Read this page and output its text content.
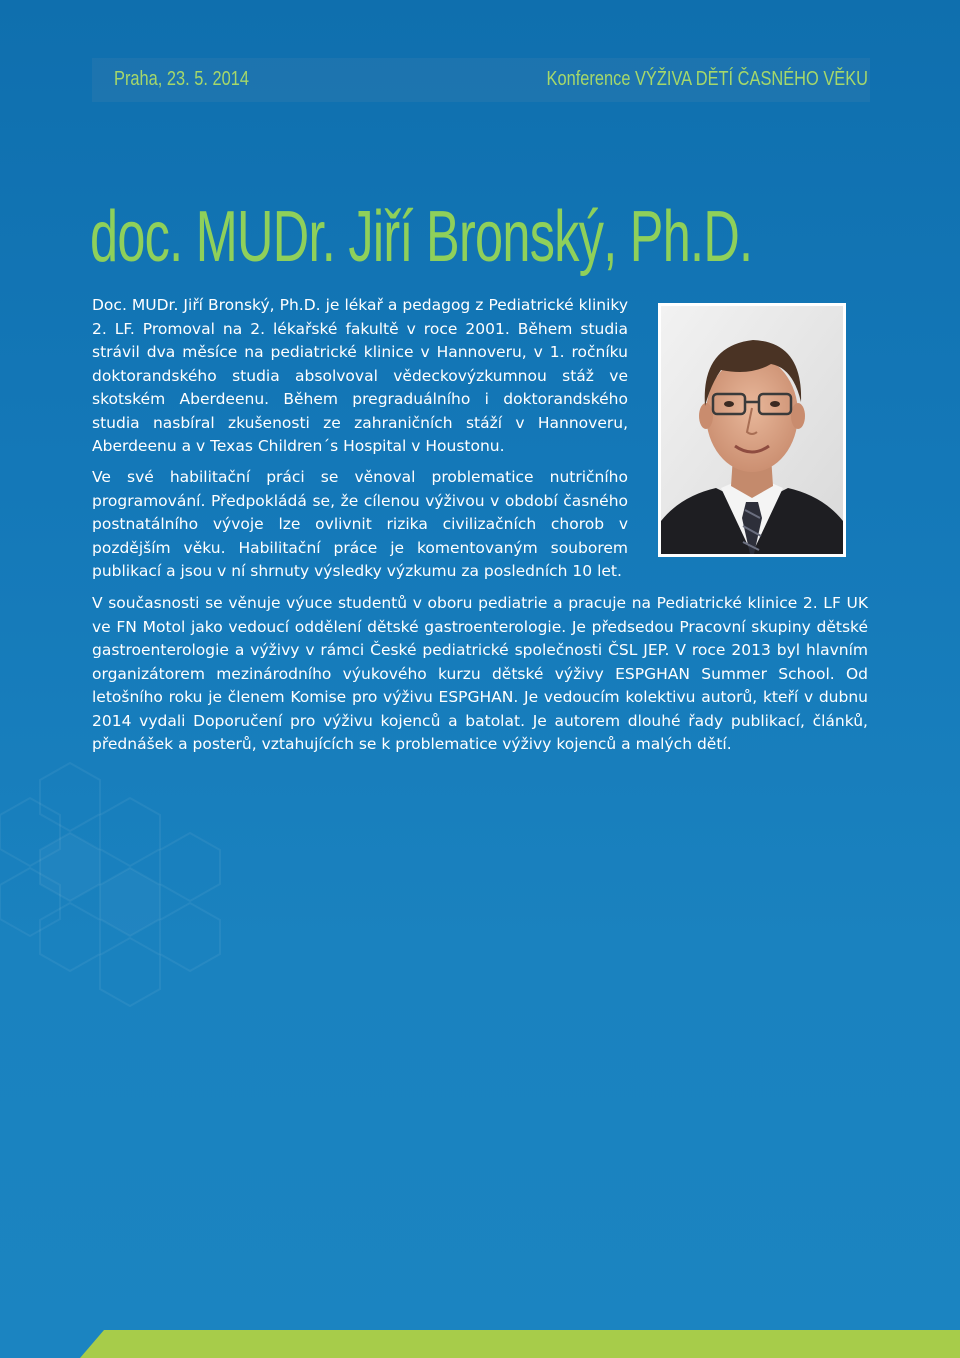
Praha, 23. 5. 2014	Konference VÝŽIVA DĚTÍ ČASNÉHO VĚKU
doc. MUDr. Jiří Bronský, Ph.D.

Doc. MUDr. Jiří Bronský, Ph.D. je lékař a pedagog z Pediatrické kliniky 2. LF. Promoval na 2. lékařské fakultě v roce 2001. Během studia strávil dva měsíce na pediatrické klinice v Hannoveru, v 1. ročníku doktorandského studia absolvoval vědeckovýzkumnou stáž ve skotském Aberdeenu. Během pregraduálního i doktorandského studia nasbíral zkušenosti ze zahraničních stáží v Hannoveru, Aberdeenu a v Texas Children´s Hospital v Houstonu.

Ve své habilitační práci se věnoval problematice nutričního programování. Předpokládá se, že cílenou výživou v období časného postnatálního vývoje lze ovlivnit rizika civilizačních chorob v pozdějším věku. Habilitační práce je komentovaným souborem publikací a jsou v ní shrnuty výsledky výzkumu za posledních 10 let.

V současnosti se věnuje výuce studentů v oboru pediatrie a pracuje na Pediatrické klinice 2. LF UK ve FN Motol jako vedoucí oddělení dětské gastroenterologie. Je předsedou Pracovní skupiny dětské gastroenterologie a výživy v rámci České pediatrické společnosti ČSL JEP. V roce 2013 byl hlavním organizátorem mezinárodního výukového kurzu dětské výživy ESPGHAN Summer School. Od letošního roku je členem Komise pro výživu ESPGHAN. Je vedoucím kolektivu autorů, kteří v dubnu 2014 vydali Doporučení pro výživu kojenců a batolat. Je autorem dlouhé řady publikací, článků, přednášek a posterů, vztahujících se k problematice výživy kojenců a malých dětí.
